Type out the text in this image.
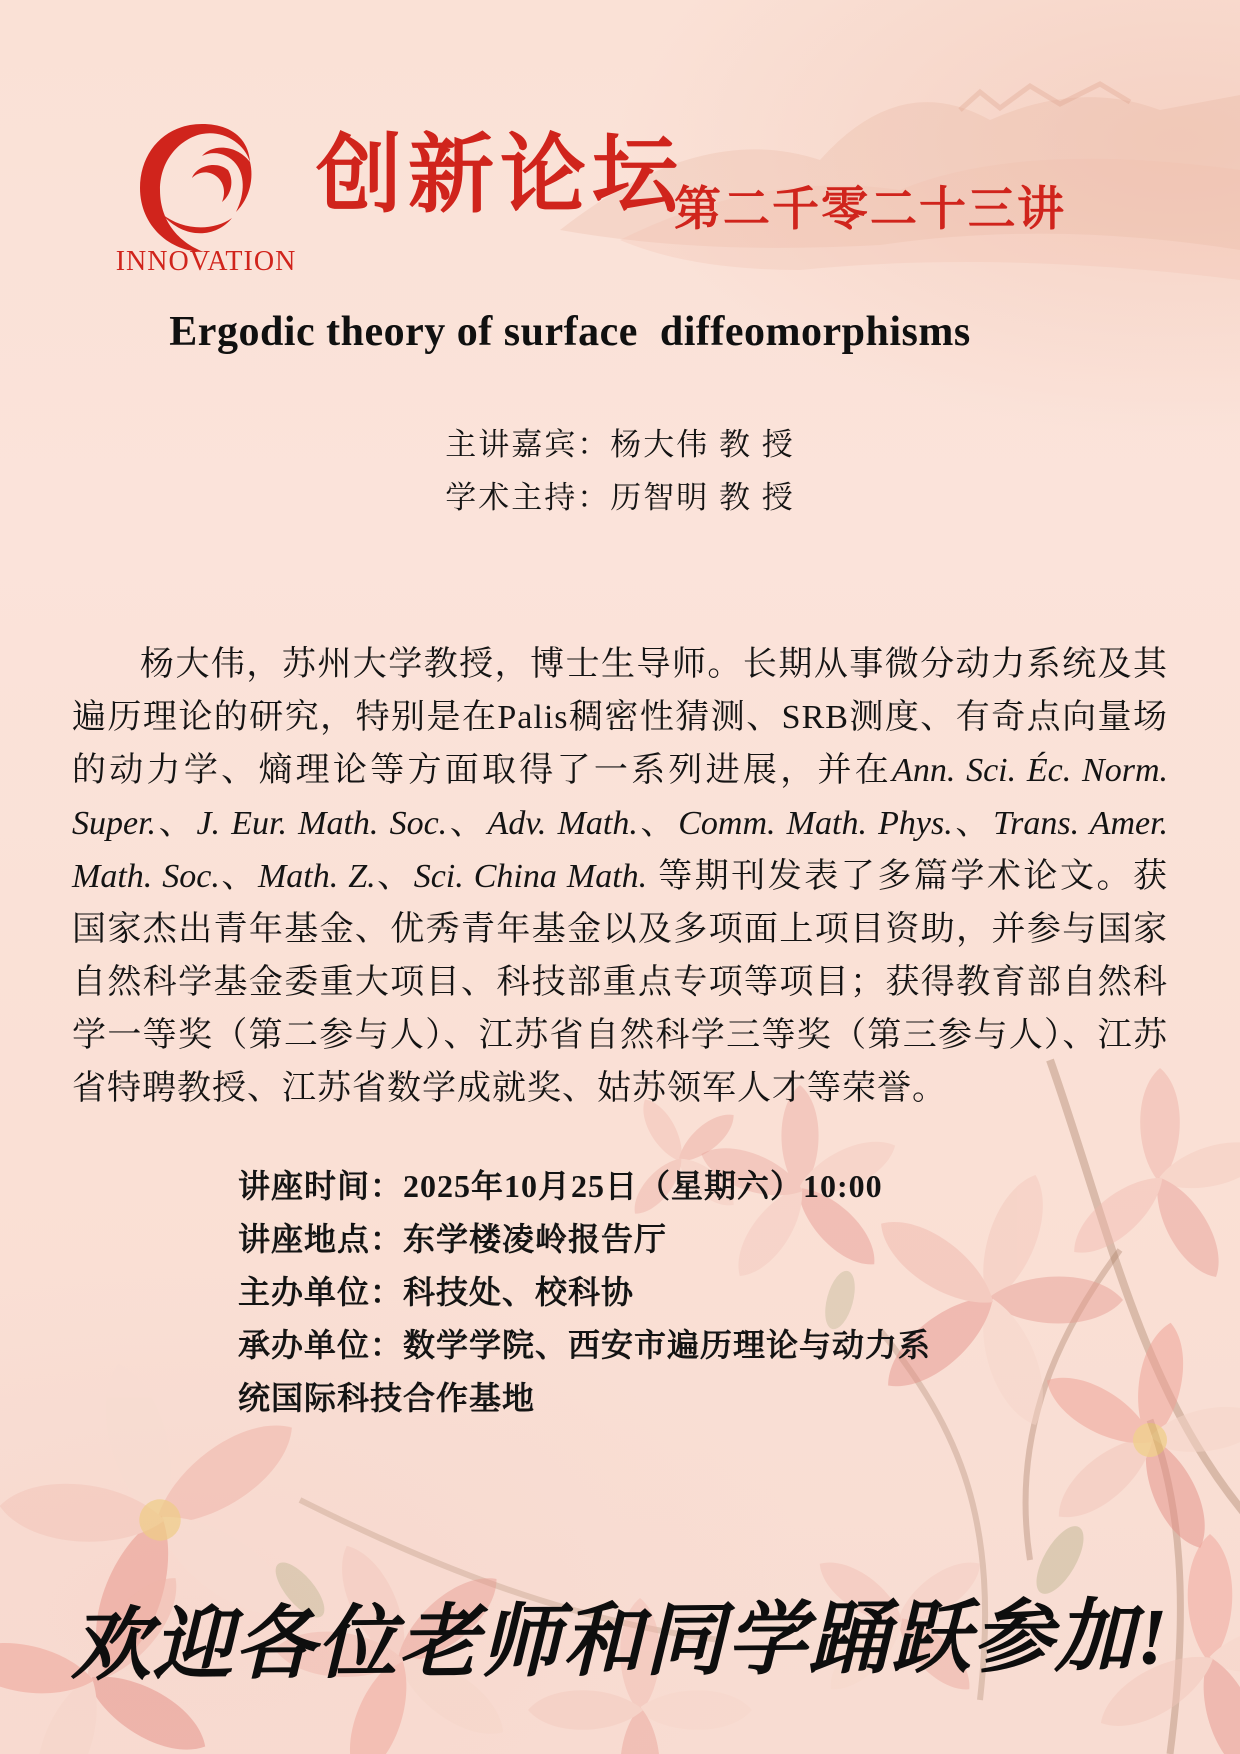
INNOVATION
创新论坛
第二千零二十三讲
Ergodic theory of surface  diffeomorphisms
主讲嘉宾：杨大伟 教 授
学术主持：历智明 教 授

杨大伟，苏州大学教授，博士生导师。长期从事微分动力系统及其遍历理论的研究，特别是在Palis稠密性猜测、SRB测度、有奇点向量场的动力学、熵理论等方面取得了一系列进展，并在Ann. Sci. Éc. Norm. Super.、J. Eur. Math. Soc.、Adv. Math.、Comm. Math. Phys.、Trans. Amer. Math. Soc.、Math. Z.、Sci. China Math. 等期刊发表了多篇学术论文。获国家杰出青年基金、优秀青年基金以及多项面上项目资助，并参与国家自然科学基金委重大项目、科技部重点专项等项目；获得教育部自然科学一等奖（第二参与人）、江苏省自然科学三等奖（第三参与人）、江苏省特聘教授、江苏省数学成就奖、姑苏领军人才等荣誉。

讲座时间：2025年10月25日（星期六）10:00
讲座地点：东学楼凌岭报告厅
主办单位：科技处、校科协
承办单位：数学学院、西安市遍历理论与动力系统国际科技合作基地
欢迎各位老师和同学踊跃参加!
